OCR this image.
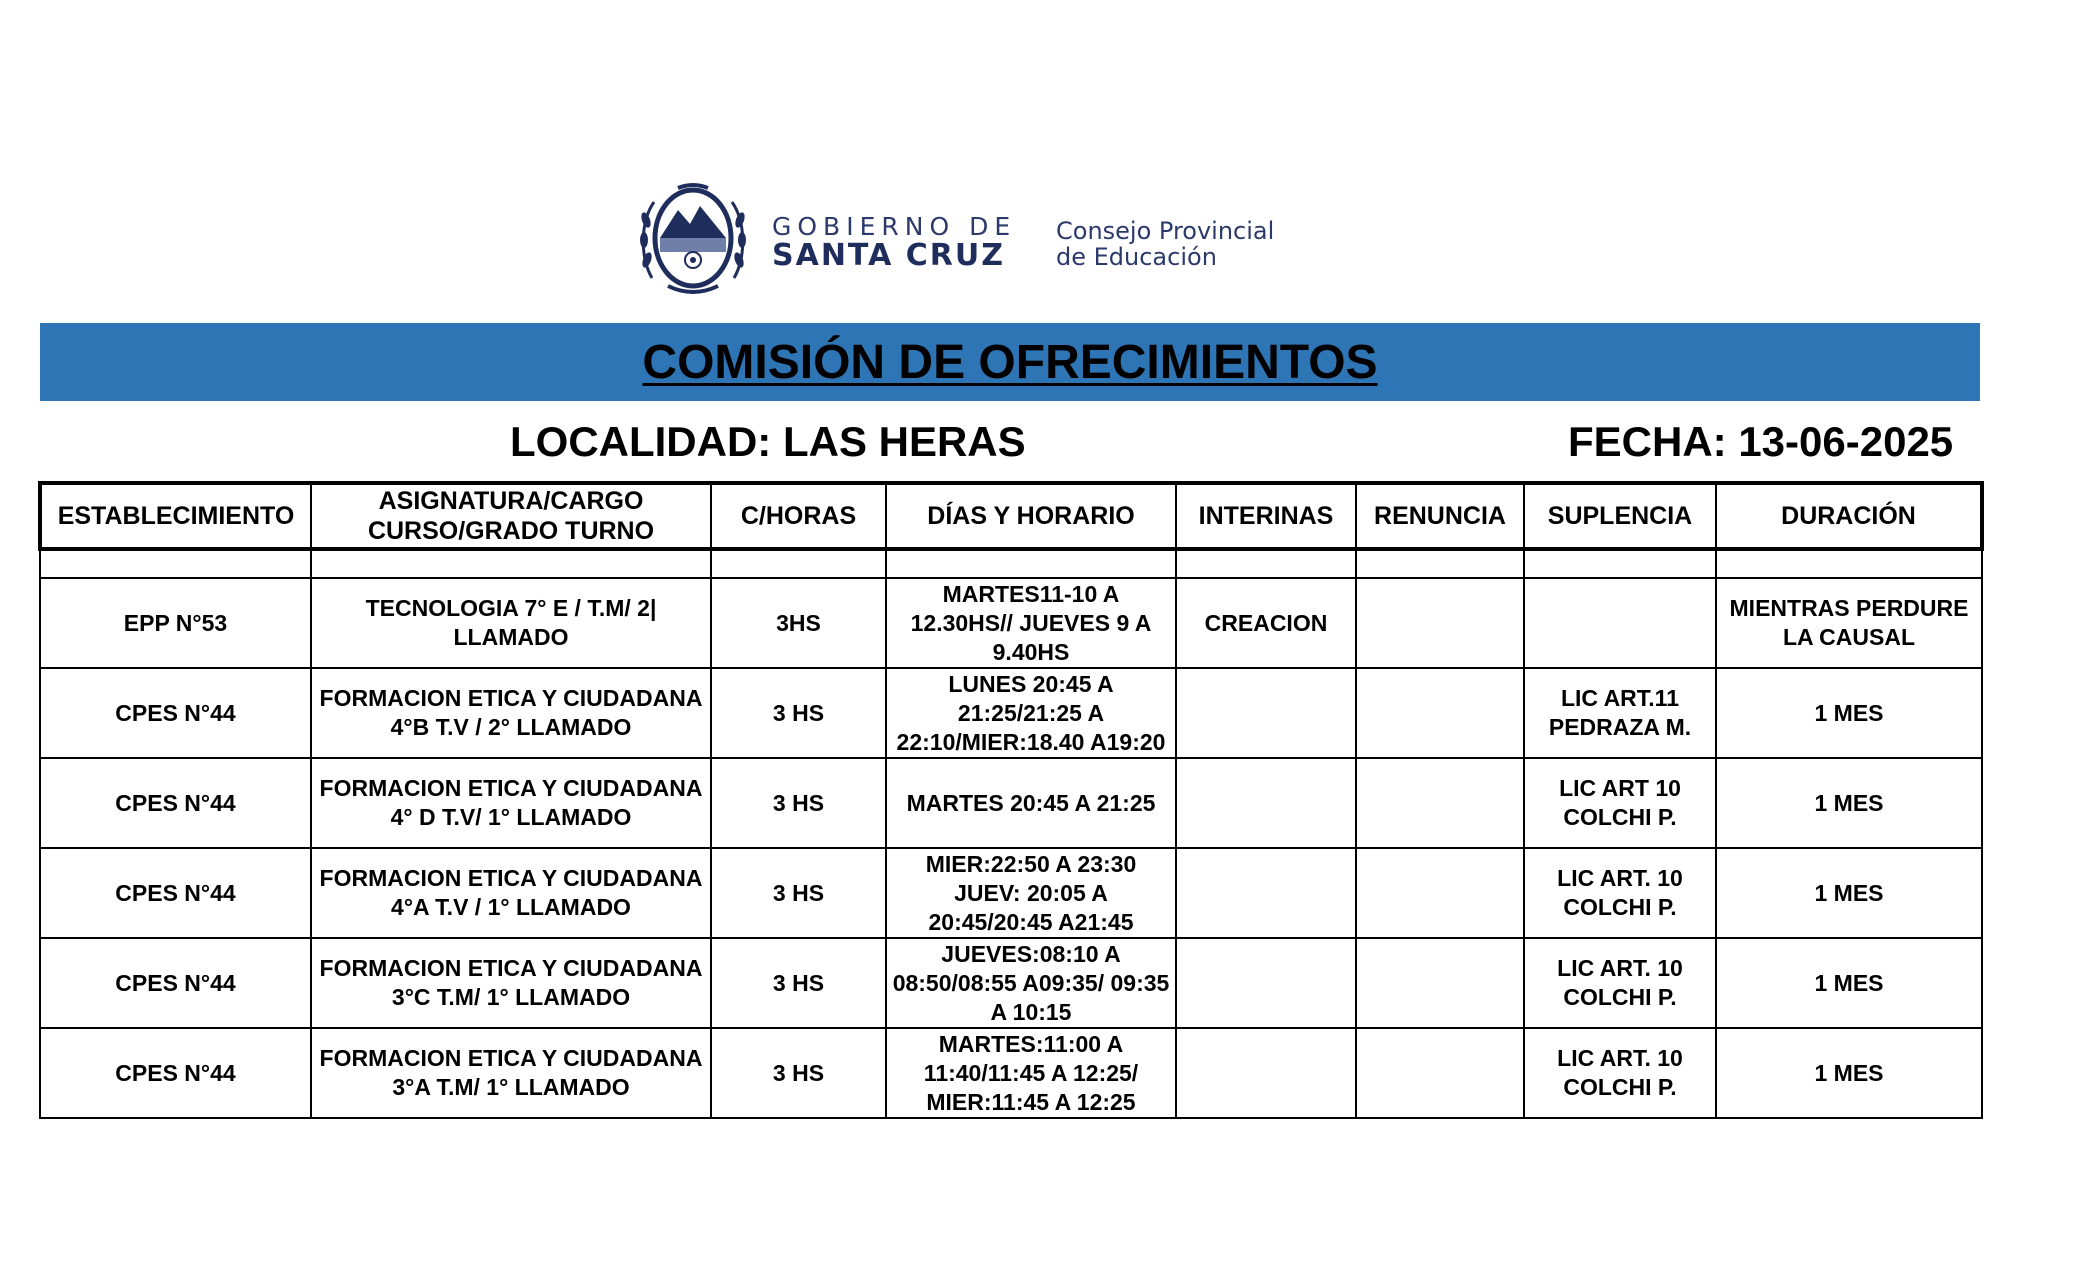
GOBIERNO DE
SANTA CRUZ
Consejo Provincial
de Educación
COMISIÓN DE OFRECIMIENTOS
LOCALIDAD: LAS HERAS	FECHA: 13-06-2025
ESTABLECIMIENTO	ASIGNATURA/CARGO CURSO/GRADO TURNO	C/HORAS	DÍAS Y HORARIO	INTERINAS	RENUNCIA	SUPLENCIA	DURACIÓN

EPP N°53	TECNOLOGIA 7° E / T.M/ 2| LLAMADO	3HS	MARTES11-10 A 12.30HS// JUEVES 9 A 9.40HS	CREACION			MIENTRAS PERDURE LA CAUSAL
CPES N°44	FORMACION ETICA Y CIUDADANA 4°B T.V / 2° LLAMADO	3 HS	LUNES 20:45 A 21:25/21:25 A 22:10/MIER:18.40 A19:20			LIC ART.11 PEDRAZA M.	1 MES
CPES N°44	FORMACION ETICA Y CIUDADANA 4° D T.V/ 1° LLAMADO	3 HS	MARTES 20:45 A 21:25			LIC ART 10 COLCHI P.	1 MES
CPES N°44	FORMACION ETICA Y CIUDADANA 4°A T.V / 1° LLAMADO	3 HS	MIER:22:50 A 23:30 JUEV: 20:05 A 20:45/20:45 A21:45			LIC ART. 10 COLCHI P.	1 MES
CPES N°44	FORMACION ETICA Y CIUDADANA 3°C T.M/ 1° LLAMADO	3 HS	JUEVES:08:10 A 08:50/08:55 A09:35/ 09:35 A 10:15			LIC ART. 10 COLCHI P.	1 MES
CPES N°44	FORMACION ETICA Y CIUDADANA 3°A T.M/ 1° LLAMADO	3 HS	MARTES:11:00 A 11:40/11:45 A 12:25/ MIER:11:45 A 12:25			LIC ART. 10 COLCHI P.	1 MES
